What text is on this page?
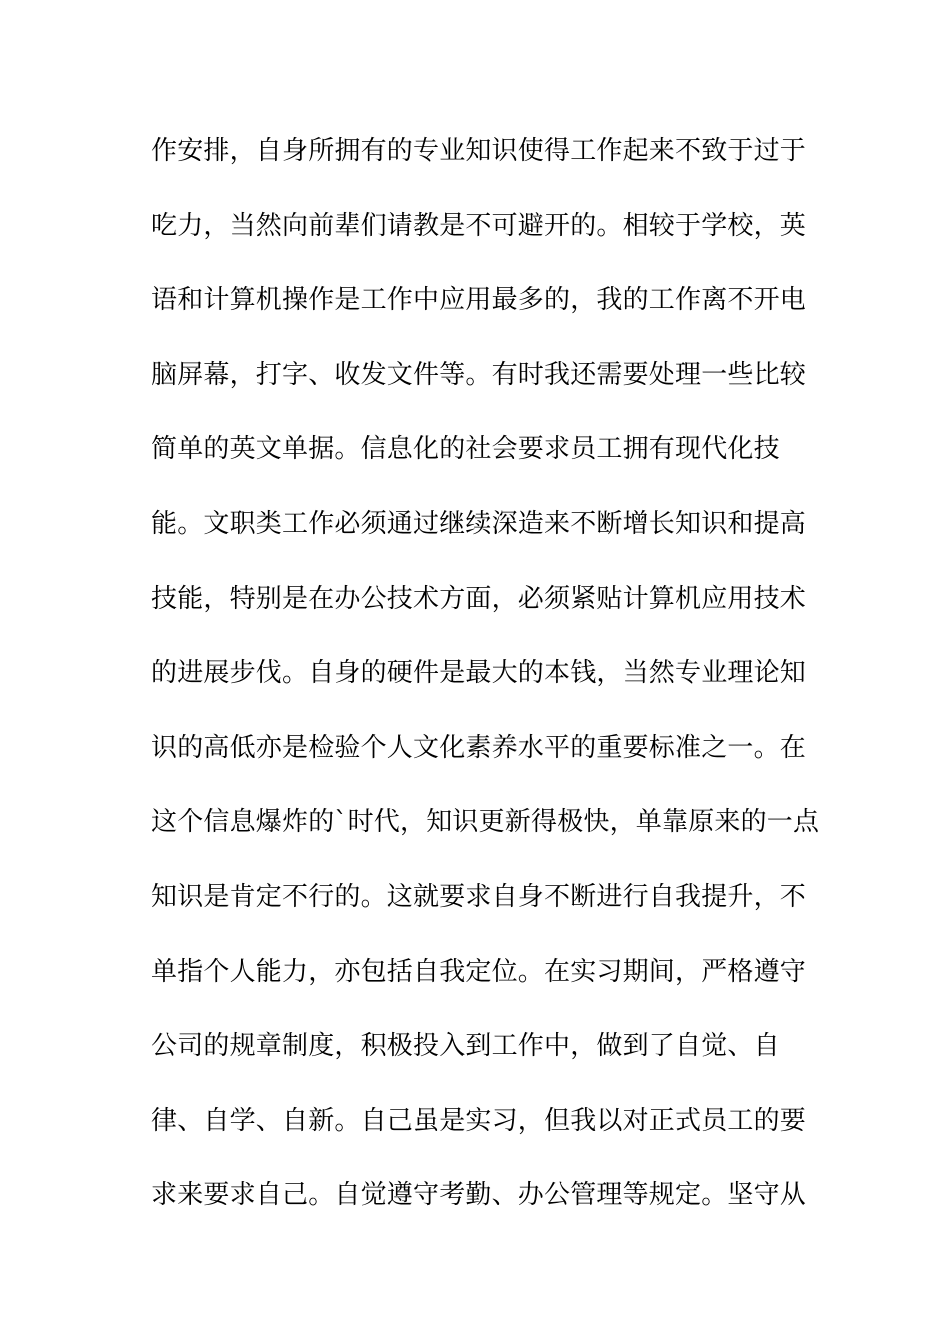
作安排，自身所拥有的专业知识使得工作起来不致于过于
吃力，当然向前辈们请教是不可避开的。相较于学校，英
语和计算机操作是工作中应用最多的，我的工作离不开电
脑屏幕，打字、收发文件等。有时我还需要处理一些比较
简单的英文单据。信息化的社会要求员工拥有现代化技
能。文职类工作必须通过继续深造来不断增长知识和提高
技能，特别是在办公技术方面，必须紧贴计算机应用技术
的进展步伐。自身的硬件是最大的本钱，当然专业理论知
识的高低亦是检验个人文化素养水平的重要标准之一。在
这个信息爆炸的`时代，知识更新得极快，单靠原来的一点
知识是肯定不行的。这就要求自身不断进行自我提升，不
单指个人能力，亦包括自我定位。在实习期间，严格遵守
公司的规章制度，积极投入到工作中，做到了自觉、自
律、自学、自新。自己虽是实习，但我以对正式员工的要
求来要求自己。自觉遵守考勤、办公管理等规定。坚守从
